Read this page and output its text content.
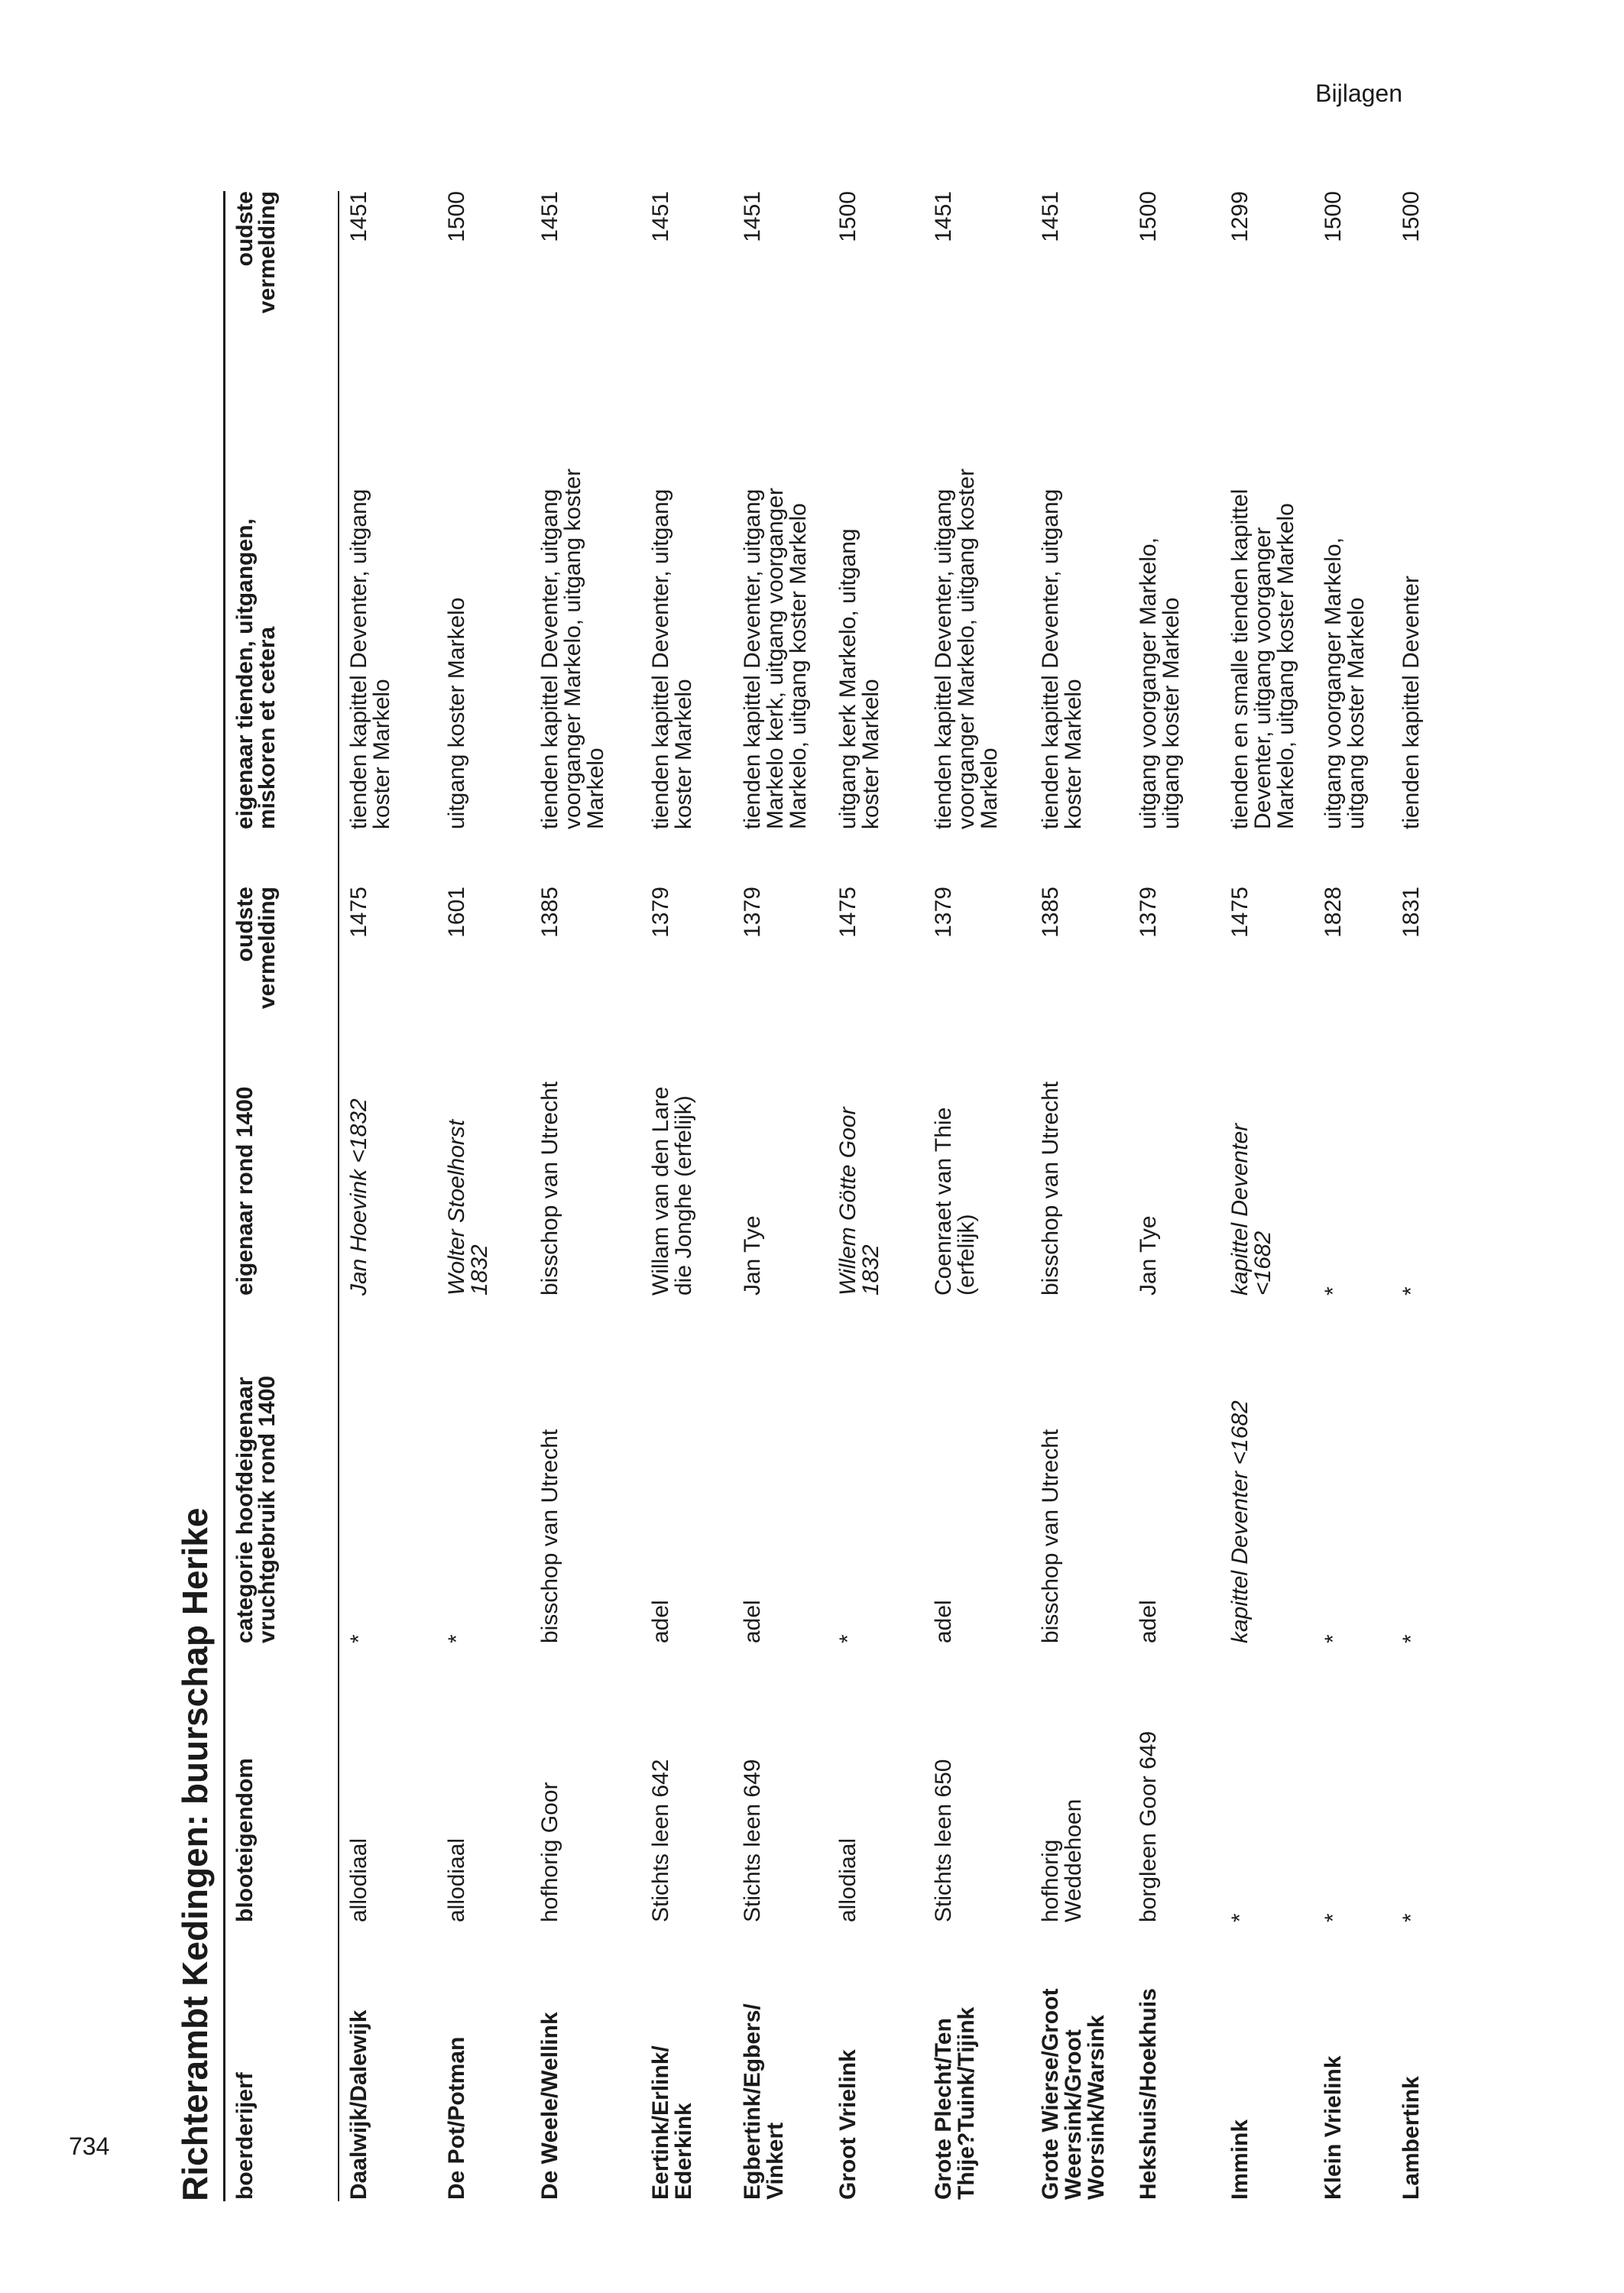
Bijlagen
734 Richterambt Kedingen: buurschap Herike boerderijerf
blooteigendom
categorie hoofdeigenaar
vruchtgebruik rond 1400
eigenaar rond 1400
oudste
vermelding
eigenaar tienden, uitgangen,
miskoren et cetera
oudste
vermelding
Daalwijk/Dalewijk
allodiaal
*
Jan Hoevink <1832
1475
tienden kapittel Deventer, uitgang
koster Markelo
1451
De Pot/Potman
allodiaal
*
Wolter Stoelhorst
1832
1601
uitgang koster Markelo
1500
De Weele/Wellink
hofhorig Goor
bisschop van Utrecht
bisschop van Utrecht
1385
tienden kapittel Deventer, uitgang
voorganger Markelo, uitgang koster
Markelo
1451
Eertink/Erlink/
Ederkink
Stichts leen 642
adel
Willam van den Lare
die Jonghe (erfelijk)
1379
tienden kapittel Deventer, uitgang
koster Markelo
1451
Egbertink/Egbers/
Vinkert
Stichts leen 649
adel
Jan Tye
1379
tienden kapittel Deventer, uitgang
Markelo kerk, uitgang voorganger
Markelo, uitgang koster Markelo
1451
Groot Vrielink
allodiaal
*
Willem Götte Goor
1832
1475
uitgang kerk Markelo, uitgang
koster Markelo
1500
Grote Plecht/Ten
Thije?Tuink/Tijink
Stichts leen 650
adel
Coenraet van Thie
(erfelijk)
1379
tienden kapittel Deventer, uitgang
voorganger Markelo, uitgang koster
Markelo
1451
Grote Wierse/Groot
Weersink/Groot
Worsink/Warsink
hofhorig
Weddehoen
bisschop van Utrecht
bisschop van Utrecht
1385
tienden kapittel Deventer, uitgang
koster Markelo
1451
Hekshuis/Hoekhuis
borgleen Goor 649
adel
Jan Tye
1379
uitgang voorganger Markelo,
uitgang koster Markelo
1500
Immink
*
kapittel Deventer <1682
kapittel Deventer
<1682
1475
tienden en smalle tienden kapittel
Deventer, uitgang voorganger
Markelo, uitgang koster Markelo
1299
Klein Vrielink
*
*
*
1828
uitgang voorganger Markelo,
uitgang koster Markelo
1500
Lambertink
*
*
*
1831
tienden kapittel Deventer
1500
